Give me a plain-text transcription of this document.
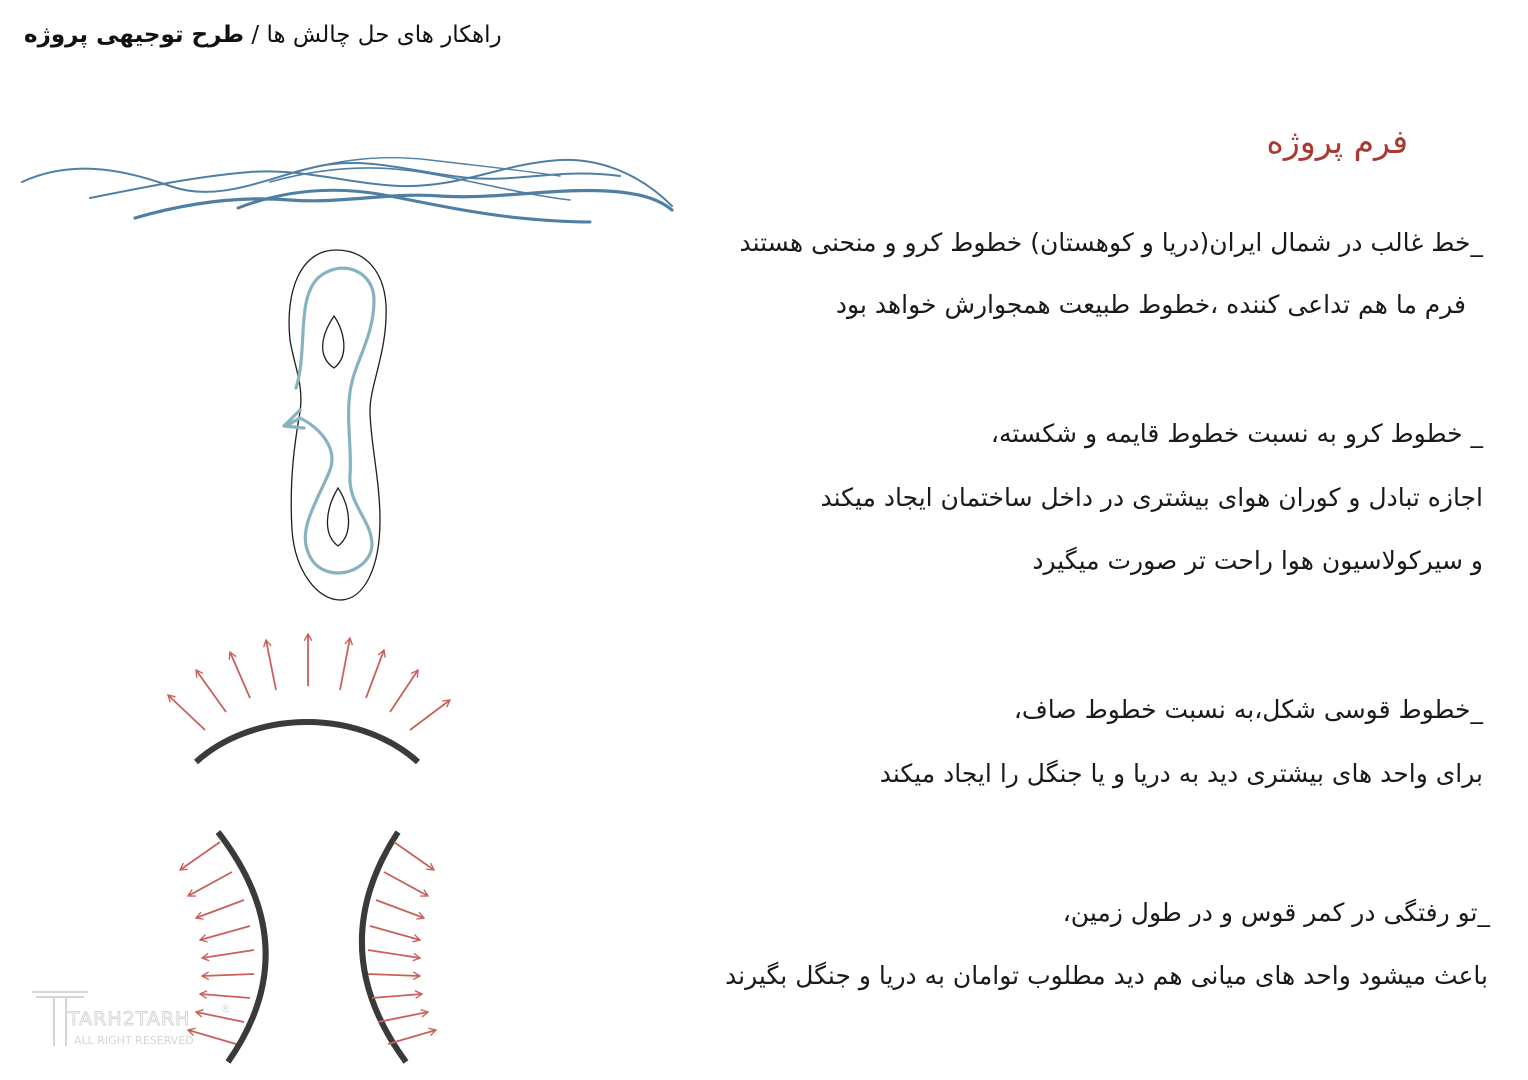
راهکار های حل چالش ها / طرح توجیهی پروژه
فرم پروژه
_خط غالب در شمال ایران(دریا و کوهستان) خطوط کرو و منحنی هستند
فرم ما هم تداعی کننده ،خطوط طبیعت همجوارش خواهد بود
_ خطوط کرو به نسبت خطوط قایمه و شکسته،
اجازه تبادل و کوران هوای بیشتری در داخل ساختمان ایجاد میکند
و سیرکولاسیون هوا راحت تر صورت میگیرد
_خطوط قوسی شکل،به نسبت خطوط صاف،
برای واحد های بیشتری دید به دریا و یا جنگل را ایجاد میکند
_تو رفتگی در کمر قوس و در طول زمین،
باعث میشود واحد های میانی هم دید مطلوب توامان به دریا و جنگل بگیرند
TARH2TARH	®
ALL RIGHT RESERVED
